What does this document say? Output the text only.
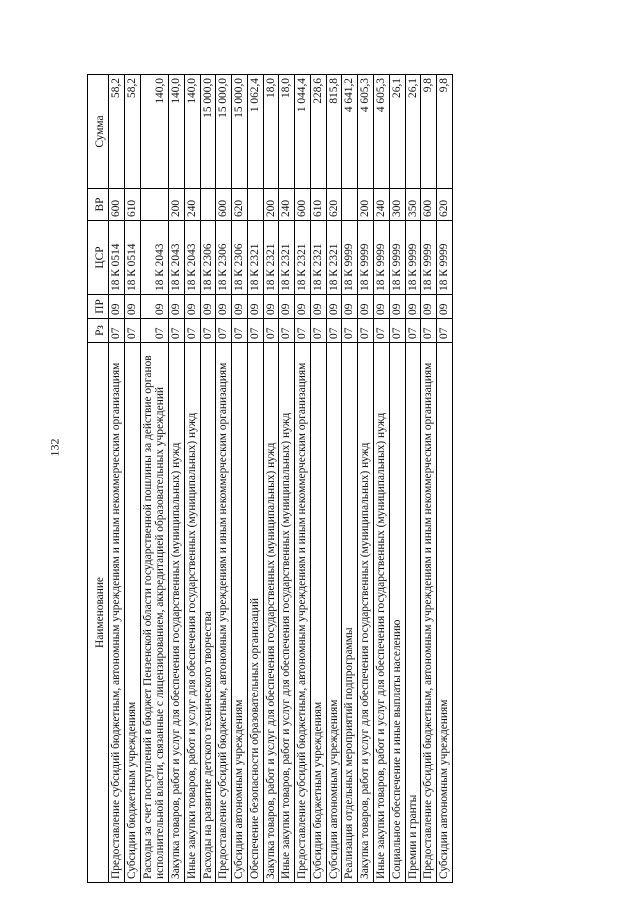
132
Наименование	Рз	ПР	ЦСР	ВР	Сумма
Предоставление субсидий бюджетным, автономным учреждениям и иным некоммерческим организациям	07	09	18 К 0514	600	58,2
Субсидии бюджетным учреждениям	07	09	18 К 0514	610	58,2
Расходы за счет поступлений в бюджет Пензенской области государственной пошлины за действие органов исполнительной власти, связанные с лицензированием, аккредитацией образовательных учреждений	07	09	18 К 2043		140,0
Закупка товаров, работ и услуг для обеспечения государственных (муниципальных) нужд	07	09	18 К 2043	200	140,0
Иные закупки товаров, работ и услуг для обеспечения государственных (муниципальных) нужд	07	09	18 К 2043	240	140,0
Расходы на развитие детского технического творчества	07	09	18 К 2306		15 000,0
Предоставление субсидий бюджетным, автономным учреждениям и иным некоммерческим организациям	07	09	18 К 2306	600	15 000,0
Субсидии автономным учреждениям	07	09	18 К 2306	620	15 000,0
Обеспечение безопасности образовательных организаций	07	09	18 К 2321		1 062,4
Закупка товаров, работ и услуг для обеспечения государственных (муниципальных) нужд	07	09	18 К 2321	200	18,0
Иные закупки товаров, работ и услуг для обеспечения государственных (муниципальных) нужд	07	09	18 К 2321	240	18,0
Предоставление субсидий бюджетным, автономным учреждениям и иным некоммерческим организациям	07	09	18 К 2321	600	1 044,4
Субсидии бюджетным учреждениям	07	09	18 К 2321	610	228,6
Субсидии автономным учреждениям	07	09	18 К 2321	620	815,8
Реализация отдельных мероприятий подпрограммы	07	09	18 К 9999		4 641,2
Закупка товаров, работ и услуг для обеспечения государственных (муниципальных) нужд	07	09	18 К 9999	200	4 605,3
Иные закупки товаров, работ и услуг для обеспечения государственных (муниципальных) нужд	07	09	18 К 9999	240	4 605,3
Социальное обеспечение и иные выплаты населению	07	09	18 К 9999	300	26,1
Премии и гранты	07	09	18 К 9999	350	26,1
Предоставление субсидий бюджетным, автономным учреждениям и иным некоммерческим организациям	07	09	18 К 9999	600	9,8
Субсидии автономным учреждениям	07	09	18 К 9999	620	9,8
